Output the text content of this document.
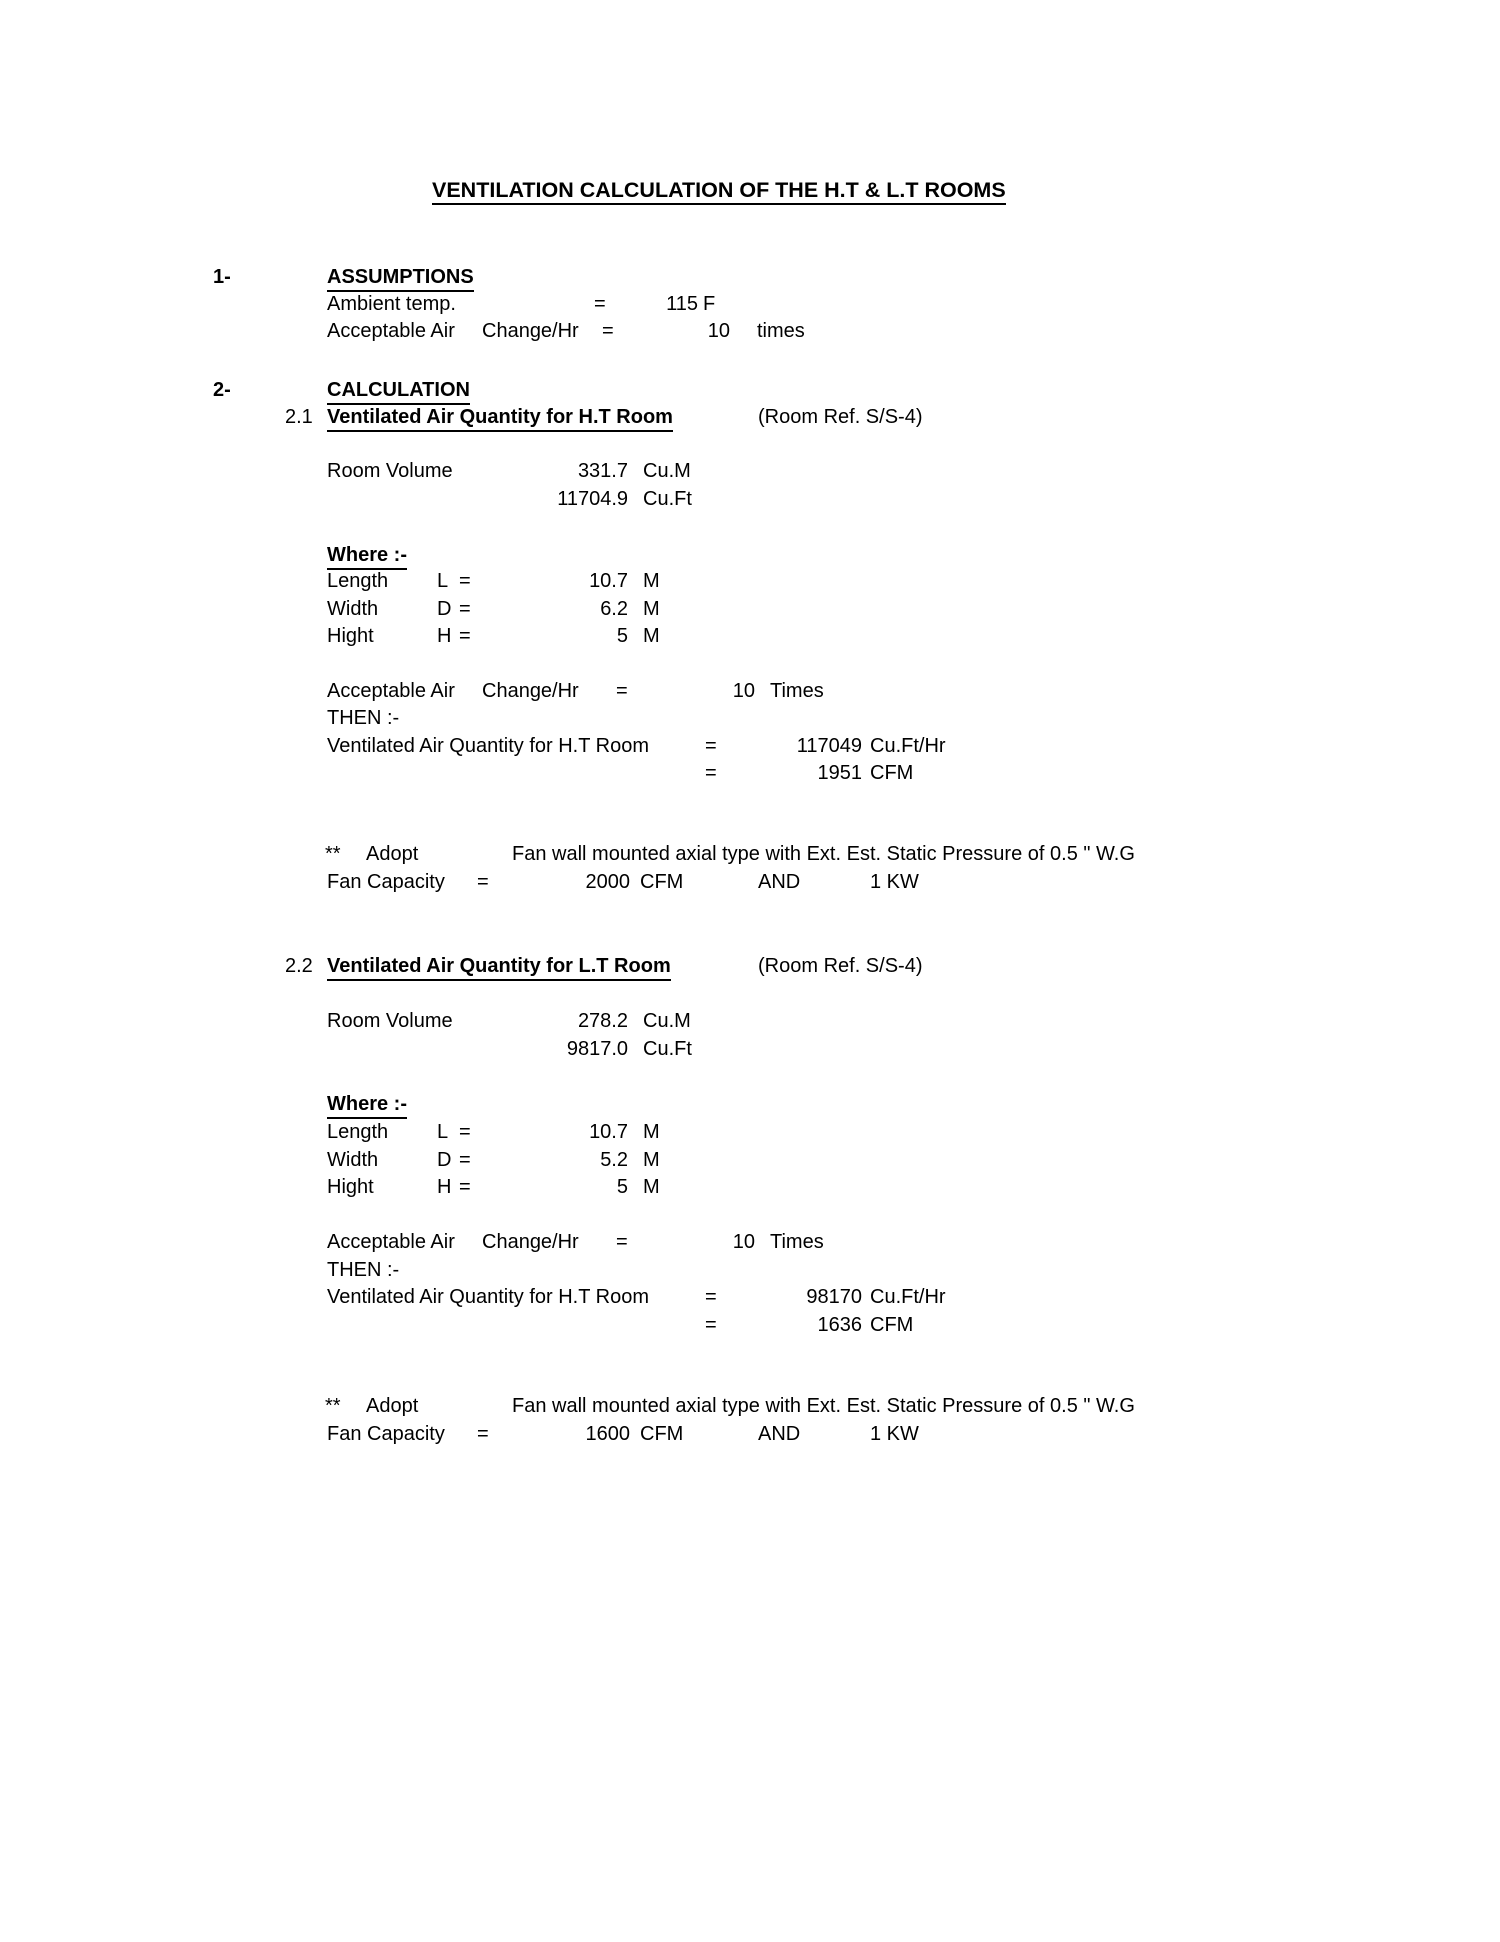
VENTILATION CALCULATION OF THE H.T & L.T ROOMS
1-	ASSUMPTIONS
Ambient temp.	=	115 F
Acceptable Air Change/Hr =	10 times
2-	CALCULATION
2.1 Ventilated Air Quantity for H.T Room	(Room Ref. S/S-4)
Room Volume	331.7 Cu.M
11704.9 Cu.Ft
Where :-
Length L =	10.7 M
Width	D =	6.2 M
Hight	H =	5 M
Acceptable Air Change/Hr =	10 Times
THEN :-
Ventilated Air Quantity for H.T Room	=	117049 Cu.Ft/Hr
=	1951 CFM
** Adopt	Fan wall mounted axial type with Ext. Est. Static Pressure of 0.5 " W.G
Fan Capacity =	2000 CFM	AND	1 KW
2.2 Ventilated Air Quantity for L.T Room	(Room Ref. S/S-4)
Room Volume	278.2 Cu.M
9817.0 Cu.Ft
Where :-
Length L =	10.7 M
Width	D =	5.2 M
Hight	H =	5 M
Acceptable Air Change/Hr =	10 Times
THEN :-
Ventilated Air Quantity for H.T Room	=	98170 Cu.Ft/Hr
=	1636 CFM
** Adopt	Fan wall mounted axial type with Ext. Est. Static Pressure of 0.5 " W.G
Fan Capacity =	1600 CFM	AND	1 KW
